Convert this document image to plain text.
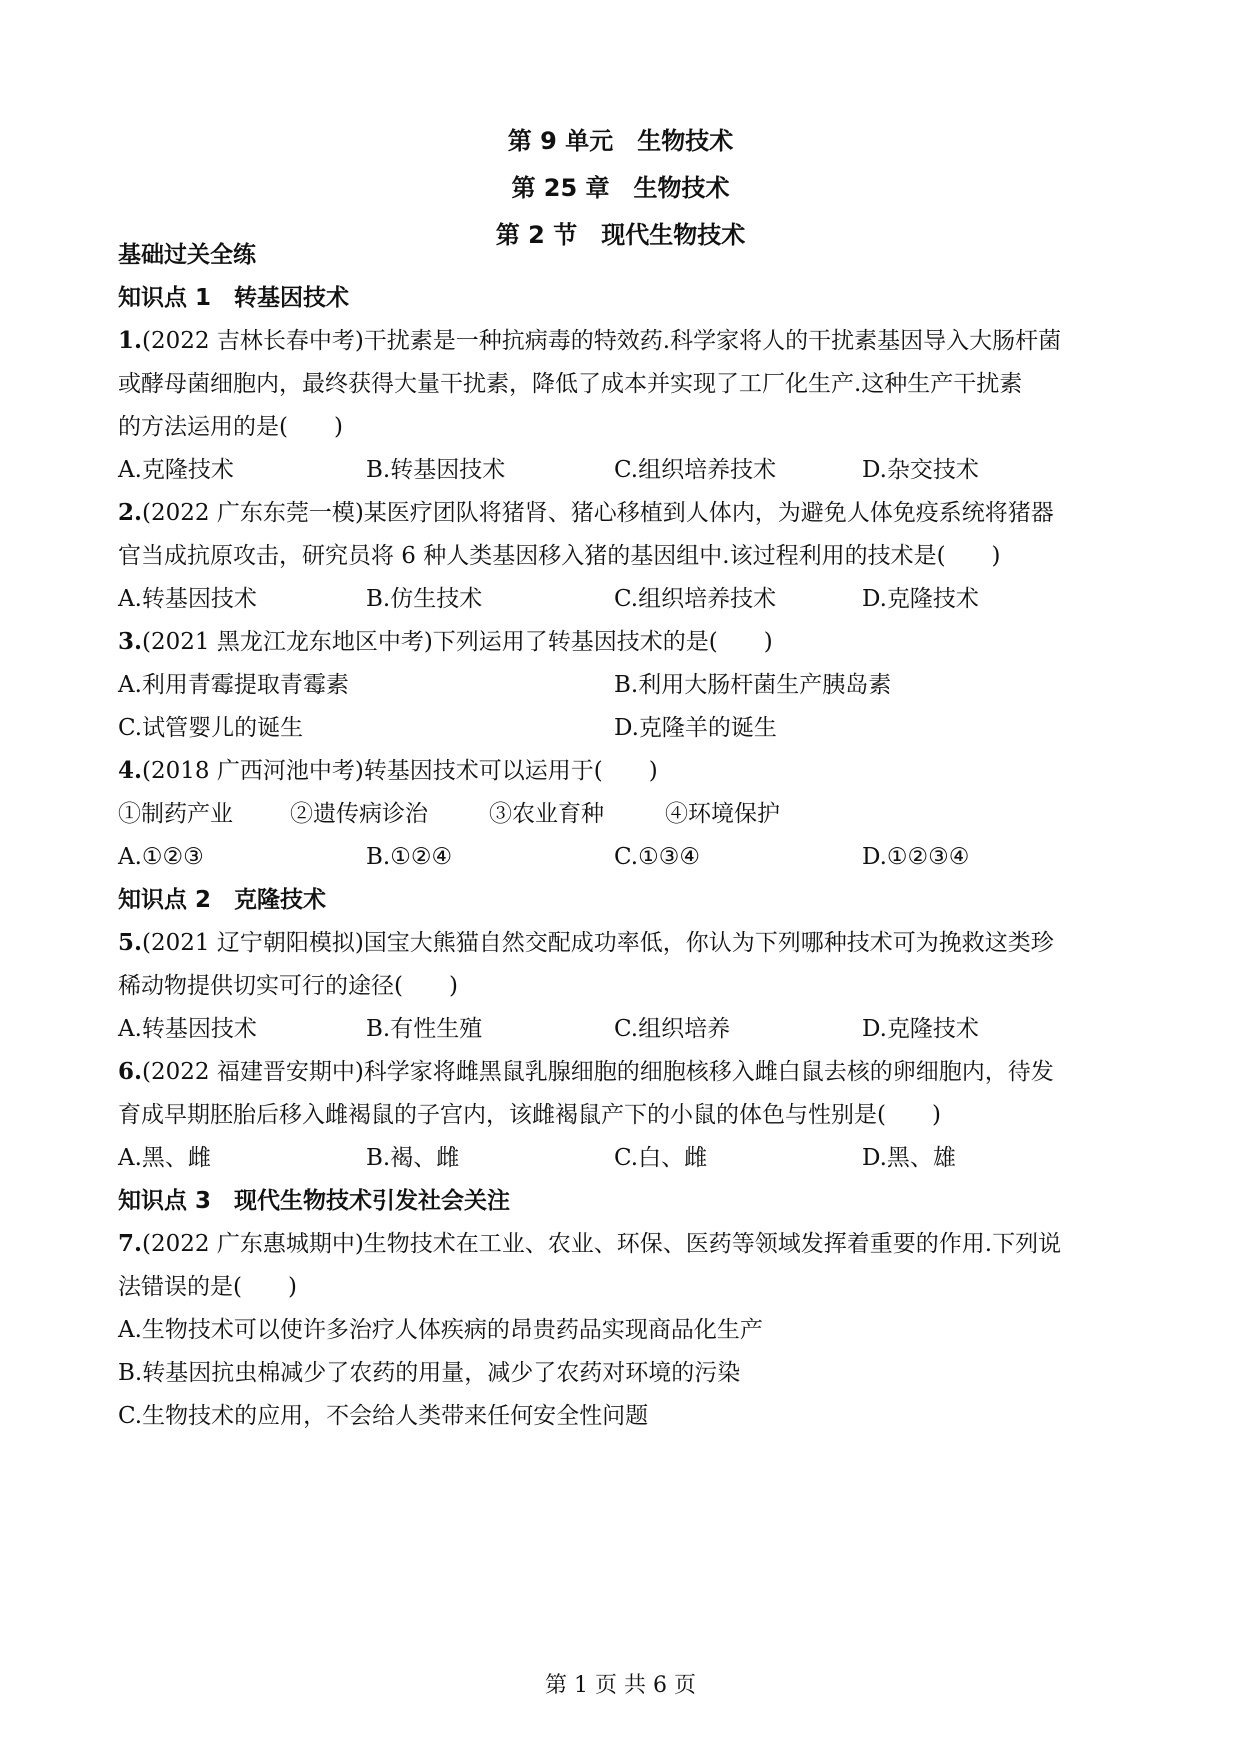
第 9 单元　生物技术
第 25 章　生物技术
第 2 节　现代生物技术
基础过关全练
知识点 1　转基因技术
1.(2022 吉林长春中考)干扰素是一种抗病毒的特效药.科学家将人的干扰素基因导入大肠杆菌
或酵母菌细胞内，最终获得大量干扰素，降低了成本并实现了工厂化生产.这种生产干扰素
的方法运用的是(　　)
A.克隆技术	B.转基因技术	C.组织培养技术	D.杂交技术
2.(2022 广东东莞一模)某医疗团队将猪肾、猪心移植到人体内，为避免人体免疫系统将猪器
官当成抗原攻击，研究员将 6 种人类基因移入猪的基因组中.该过程利用的技术是(　　)
A.转基因技术	B.仿生技术	C.组织培养技术	D.克隆技术
3.(2021 黑龙江龙东地区中考)下列运用了转基因技术的是(　　)
A.利用青霉提取青霉素	B.利用大肠杆菌生产胰岛素
C.试管婴儿的诞生	D.克隆羊的诞生
4.(2018 广西河池中考)转基因技术可以运用于(　　)
①制药产业 ②遗传病诊治	③农业育种	④环境保护
A.①②③	B.①②④	C.①③④	D.①②③④
知识点 2　克隆技术
5.(2021 辽宁朝阳模拟)国宝大熊猫自然交配成功率低，你认为下列哪种技术可为挽救这类珍
稀动物提供切实可行的途径(　　)
A.转基因技术	B.有性生殖	C.组织培养	D.克隆技术
6.(2022 福建晋安期中)科学家将雌黑鼠乳腺细胞的细胞核移入雌白鼠去核的卵细胞内，待发
育成早期胚胎后移入雌褐鼠的子宫内，该雌褐鼠产下的小鼠的体色与性别是(　　)
A.黑、雌	B.褐、雌	C.白、雌	D.黑、雄
知识点 3　现代生物技术引发社会关注
7.(2022 广东惠城期中)生物技术在工业、农业、环保、医药等领域发挥着重要的作用.下列说
法错误的是(　　)
A.生物技术可以使许多治疗人体疾病的昂贵药品实现商品化生产
B.转基因抗虫棉减少了农药的用量，减少了农药对环境的污染
C.生物技术的应用，不会给人类带来任何安全性问题
第 1 页 共 6 页
